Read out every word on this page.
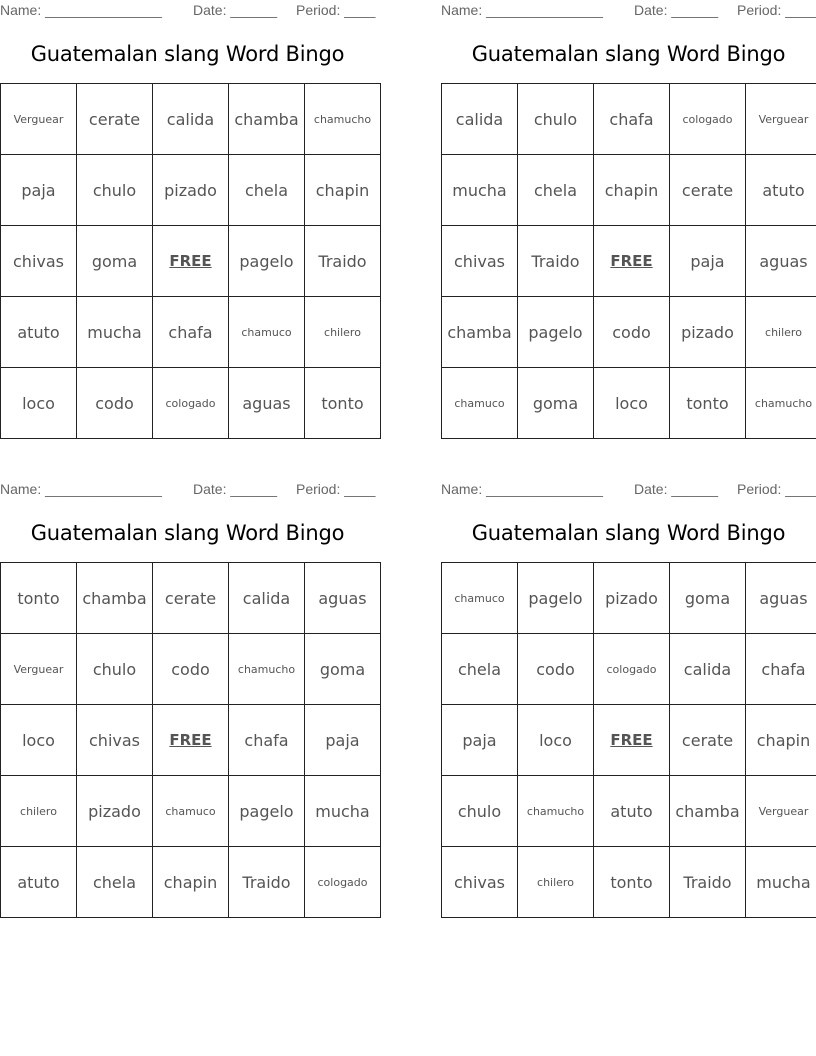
Name: _______________ Date: ______ Period: ____
Guatemalan slang Word Bingo
Verguear	cerate	calida	chamba	chamucho
paja	chulo	pizado	chela	chapin
chivas	goma	FREE	pagelo	Traido
atuto	mucha	chafa	chamuco	chilero
loco	codo	cologado	aguas	tonto
Name: _______________ Date: ______ Period: ____
Guatemalan slang Word Bingo
calida	chulo	chafa	cologado	Verguear
mucha	chela	chapin	cerate	atuto
chivas	Traido	FREE	paja	aguas
chamba	pagelo	codo	pizado	chilero
chamuco	goma	loco	tonto	chamucho
Name: _______________ Date: ______ Period: ____
Guatemalan slang Word Bingo
tonto	chamba	cerate	calida	aguas
Verguear	chulo	codo	chamucho	goma
loco	chivas	FREE	chafa	paja
chilero	pizado	chamuco	pagelo	mucha
atuto	chela	chapin	Traido	cologado
Name: _______________ Date: ______ Period: ____
Guatemalan slang Word Bingo
chamuco	pagelo	pizado	goma	aguas
chela	codo	cologado	calida	chafa
paja	loco	FREE	cerate	chapin
chulo	chamucho	atuto	chamba	Verguear
chivas	chilero	tonto	Traido	mucha
